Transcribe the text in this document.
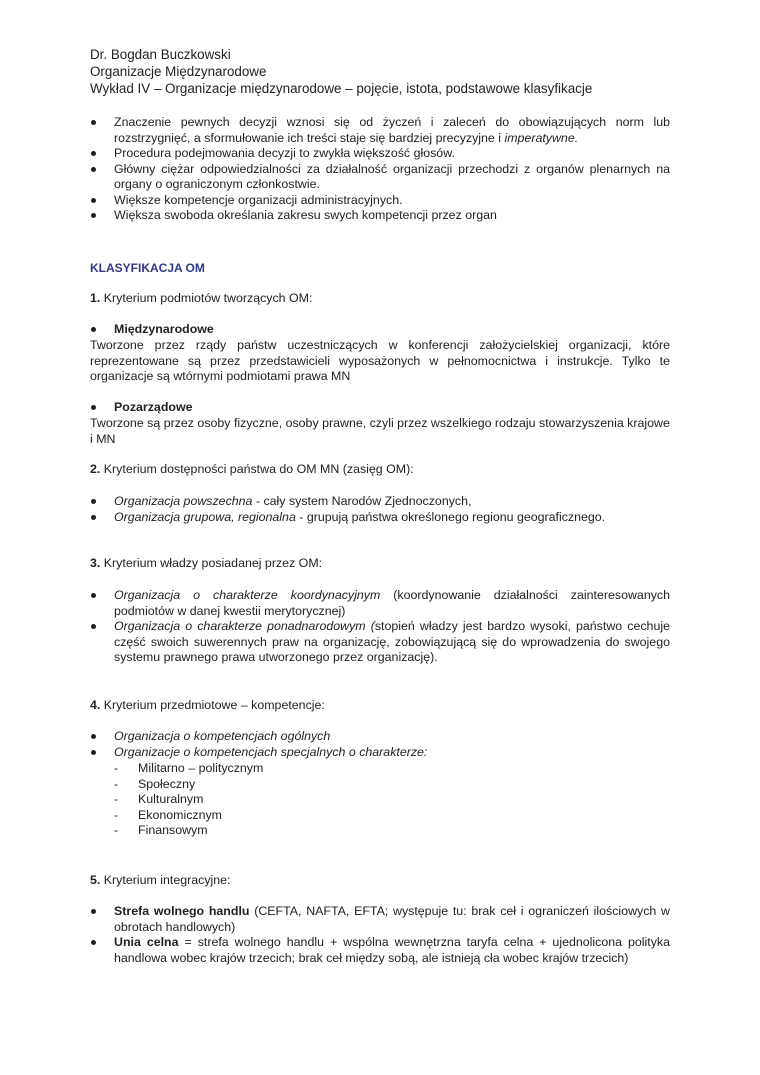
Dr. Bogdan Buczkowski
Organizacje Międzynarodowe
Wykład IV – Organizacje międzynarodowe – pojęcie, istota, podstawowe klasyfikacje
Znaczenie pewnych decyzji wznosi się od życzeń i zaleceń do obowiązujących norm lub rozstrzygnięć, a sformułowanie ich treści staje się bardziej precyzyjne i imperatywne.
Procedura podejmowania decyzji to zwykła większość głosów.
Główny ciężar odpowiedzialności za działalność organizacji przechodzi z organów plenarnych na organy o ograniczonym członkostwie.
Większe kompetencje organizacji administracyjnych.
Większa swoboda określania zakresu swych kompetencji przez organ
KLASYFIKACJA OM
1. Kryterium podmiotów tworzących OM:
Międzynarodowe
Tworzone przez rządy państw uczestniczących w konferencji założycielskiej organizacji, które reprezentowane są przez przedstawicieli wyposażonych w pełnomocnictwa i instrukcje. Tylko te organizacje są wtórnymi podmiotami prawa MN
Pozarządowe
Tworzone są przez osoby fizyczne, osoby prawne, czyli przez wszelkiego rodzaju stowarzyszenia krajowe i MN
2. Kryterium dostępności państwa do OM MN (zasięg OM):
Organizacja powszechna - cały system Narodów Zjednoczonych,
Organizacja grupowa, regionalna - grupują państwa określonego regionu geograficznego.
3. Kryterium władzy posiadanej przez OM:
Organizacja o charakterze koordynacyjnym (koordynowanie działalności zainteresowanych podmiotów w danej kwestii merytorycznej)
Organizacja o charakterze ponadnarodowym (stopień władzy jest bardzo wysoki, państwo cechuje część swoich suwerennych praw na organizację, zobowiązującą się do wprowadzenia do swojego systemu prawnego prawa utworzonego przez organizację).
4. Kryterium przedmiotowe – kompetencje:
Organizacja o kompetencjach ogólnych
Organizacje o kompetencjach specjalnych o charakterze:
- Militarno – politycznym
- Społeczny
- Kulturalnym
- Ekonomicznym
- Finansowym
5. Kryterium integracyjne:
Strefa wolnego handlu (CEFTA, NAFTA, EFTA; występuje tu: brak ceł i ograniczeń ilościowych w obrotach handlowych)
Unia celna = strefa wolnego handlu + wspólna wewnętrzna taryfa celna + ujednolicona polityka handlowa wobec krajów trzecich; brak ceł między sobą, ale istnieją cła wobec krajów trzecich)
